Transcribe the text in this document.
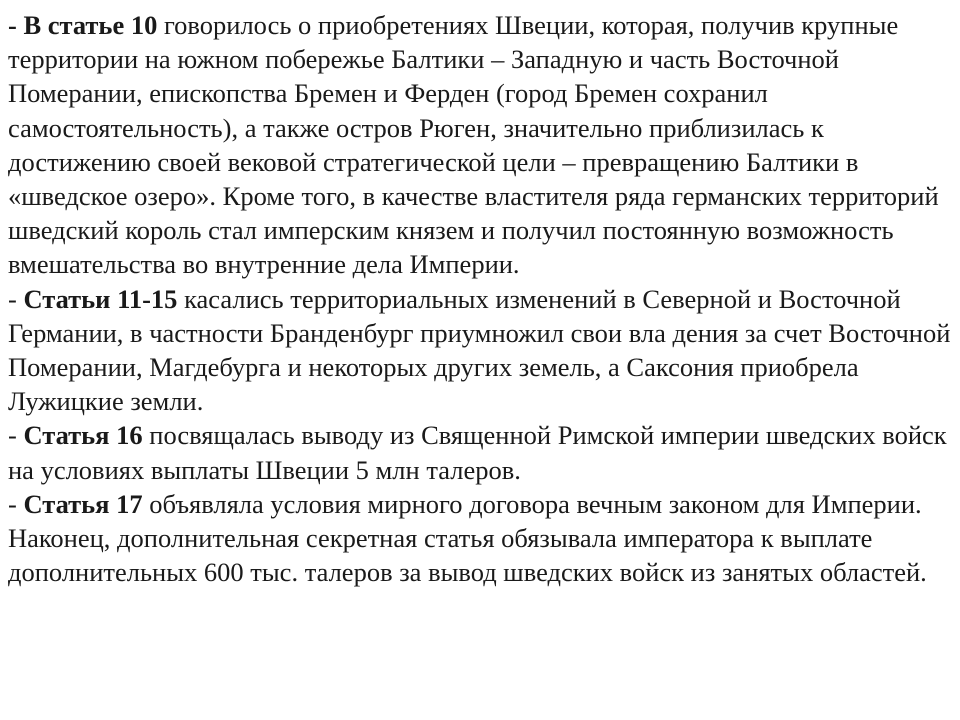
- В статье 10 говорилось о приобретениях Швеции, которая, получив крупные территории на южном побережье Балтики – Западную и часть Восточной Померании, епископства Бремен и Ферден (город Бремен сохранил самостоятельность), а также остров Рюген, значительно приблизилась к достижению своей вековой стратегической цели – превращению Балтики в «шведское озеро». Кроме того, в качестве властителя ряда германских территорий шведский король стал имперским князем и получил постоянную возможность вмешательства во внутренние дела Империи.

- Статьи 11-15 касались территориальных изменений в Северной и Восточной Германии, в частности Бранденбург приумножил свои вла дения за счет Восточной Померании, Магдебурга и некоторых других земель, а Саксония приобрела Лужицкие земли.

- Статья 16 посвящалась выводу из Священной Римской империи шведских войск на условиях выплаты Швеции 5 млн талеров.

- Статья 17 объявляла условия мирного договора вечным законом для Империи. Наконец, дополнительная секретная статья обязывала императора к выплате дополнительных 600 тыс. талеров за вывод шведских войск из занятых областей.
